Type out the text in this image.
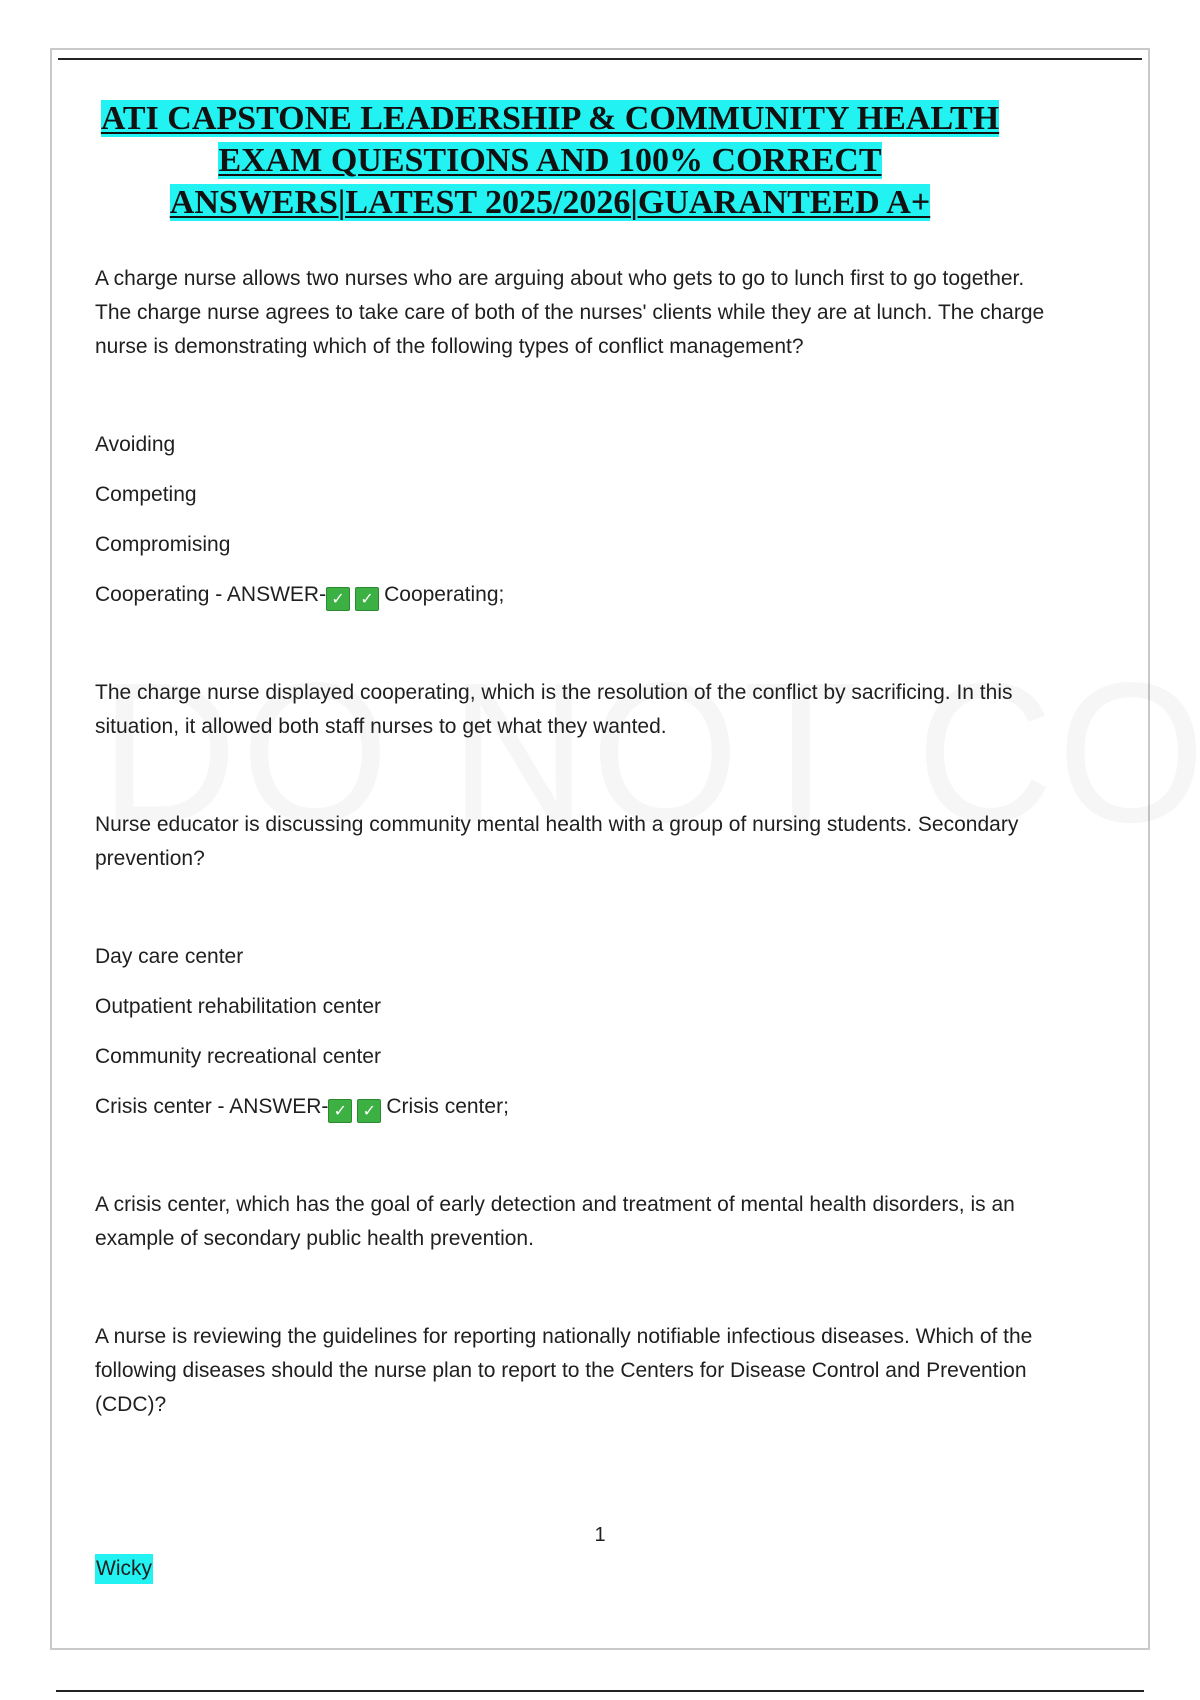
ATI CAPSTONE LEADERSHIP & COMMUNITY HEALTH EXAM QUESTIONS AND 100% CORRECT ANSWERS|LATEST 2025/2026|GUARANTEED A+

A charge nurse allows two nurses who are arguing about who gets to go to lunch first to go together. The charge nurse agrees to take care of both of the nurses' clients while they are at lunch. The charge nurse is demonstrating which of the following types of conflict management?

Avoiding

Competing

Compromising

Cooperating - ANSWER- ✓ ✓ Cooperating;

The charge nurse displayed cooperating, which is the resolution of the conflict by sacrificing. In this situation, it allowed both staff nurses to get what they wanted.

Nurse educator is discussing community mental health with a group of nursing students. Secondary prevention?

Day care center

Outpatient rehabilitation center

Community recreational center

Crisis center - ANSWER- ✓ ✓ Crisis center;

A crisis center, which has the goal of early detection and treatment of mental health disorders, is an example of secondary public health prevention.

A nurse is reviewing the guidelines for reporting nationally notifiable infectious diseases. Which of the following diseases should the nurse plan to report to the Centers for Disease Control and Prevention (CDC)?

1
Wicky
